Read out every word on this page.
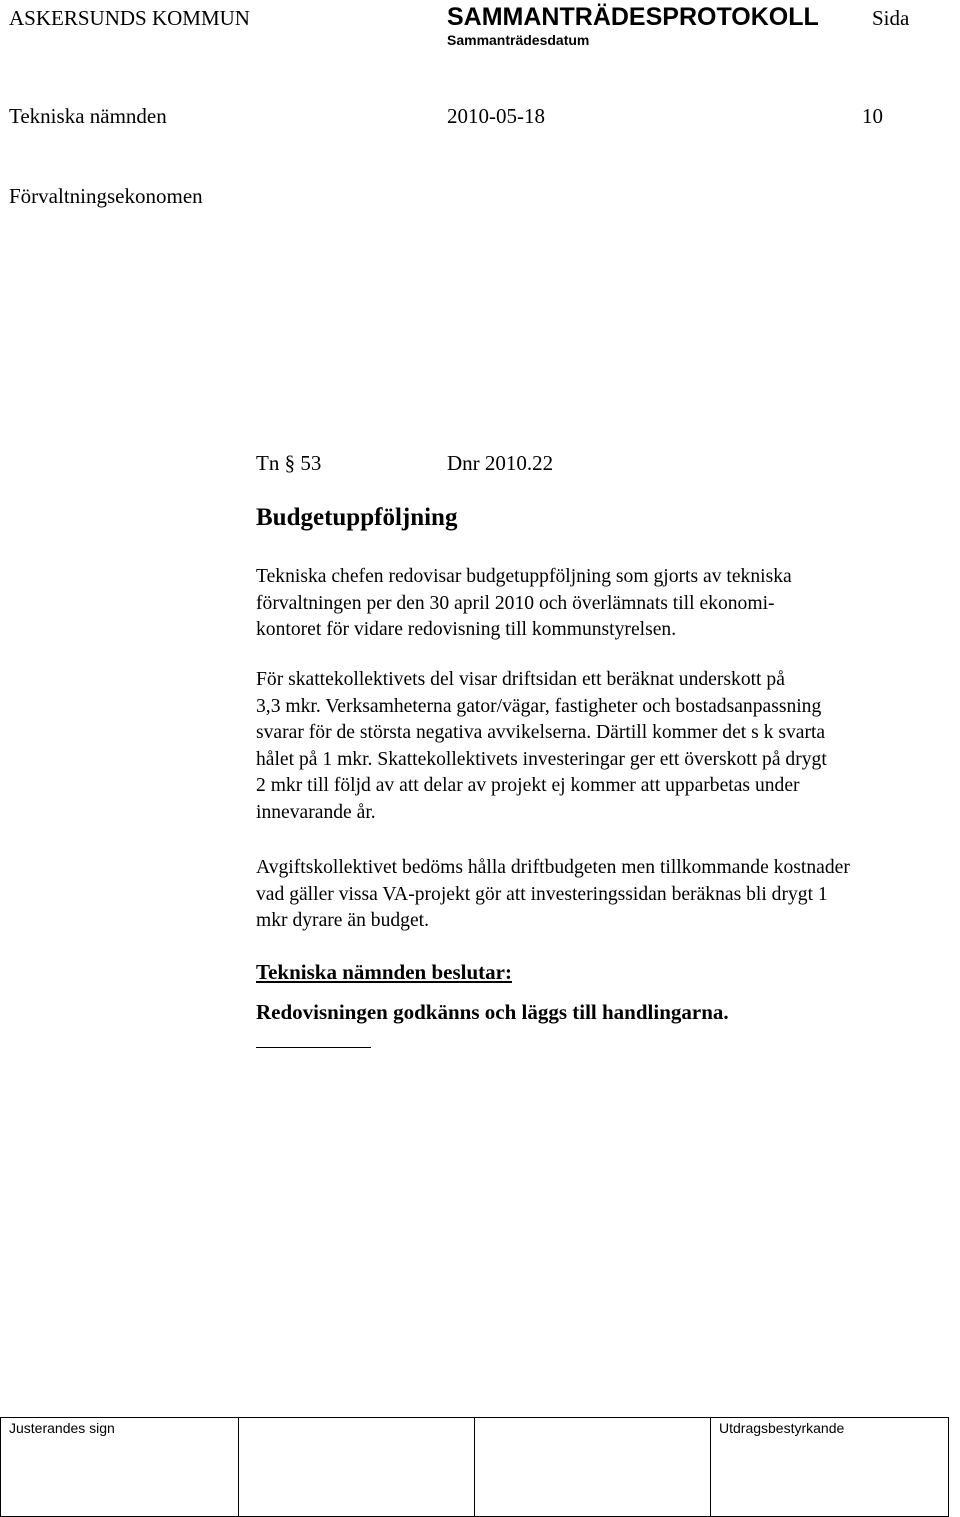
ASKERSUNDS KOMMUN	SAMMANTRÄDESPROTOKOLL	Sida
Sammanträdesdatum
Tekniska nämnden	2010-05-18	10
Förvaltningsekonomen
Tn § 53	Dnr 2010.22
Budgetuppföljning
Tekniska chefen redovisar budgetuppföljning som gjorts av tekniska
förvaltningen per den 30 april 2010 och överlämnats till ekonomi-
kontoret för vidare redovisning till kommunstyrelsen.
För skattekollektivets del visar driftsidan ett beräknat underskott på
3,3 mkr. Verksamheterna gator/vägar, fastigheter och bostadsanpassning
svarar för de största negativa avvikelserna. Därtill kommer det s k svarta
hålet på 1 mkr. Skattekollektivets investeringar ger ett överskott på drygt
2 mkr till följd av att delar av projekt ej kommer att upparbetas under
innevarande år.
Avgiftskollektivet bedöms hålla driftbudgeten men tillkommande kostnader
vad gäller vissa VA-projekt gör att investeringssidan beräknas bli drygt 1
mkr dyrare än budget.
Tekniska nämnden beslutar:
Redovisningen godkänns och läggs till handlingarna.
Justerandes sign			Utdragsbestyrkande
